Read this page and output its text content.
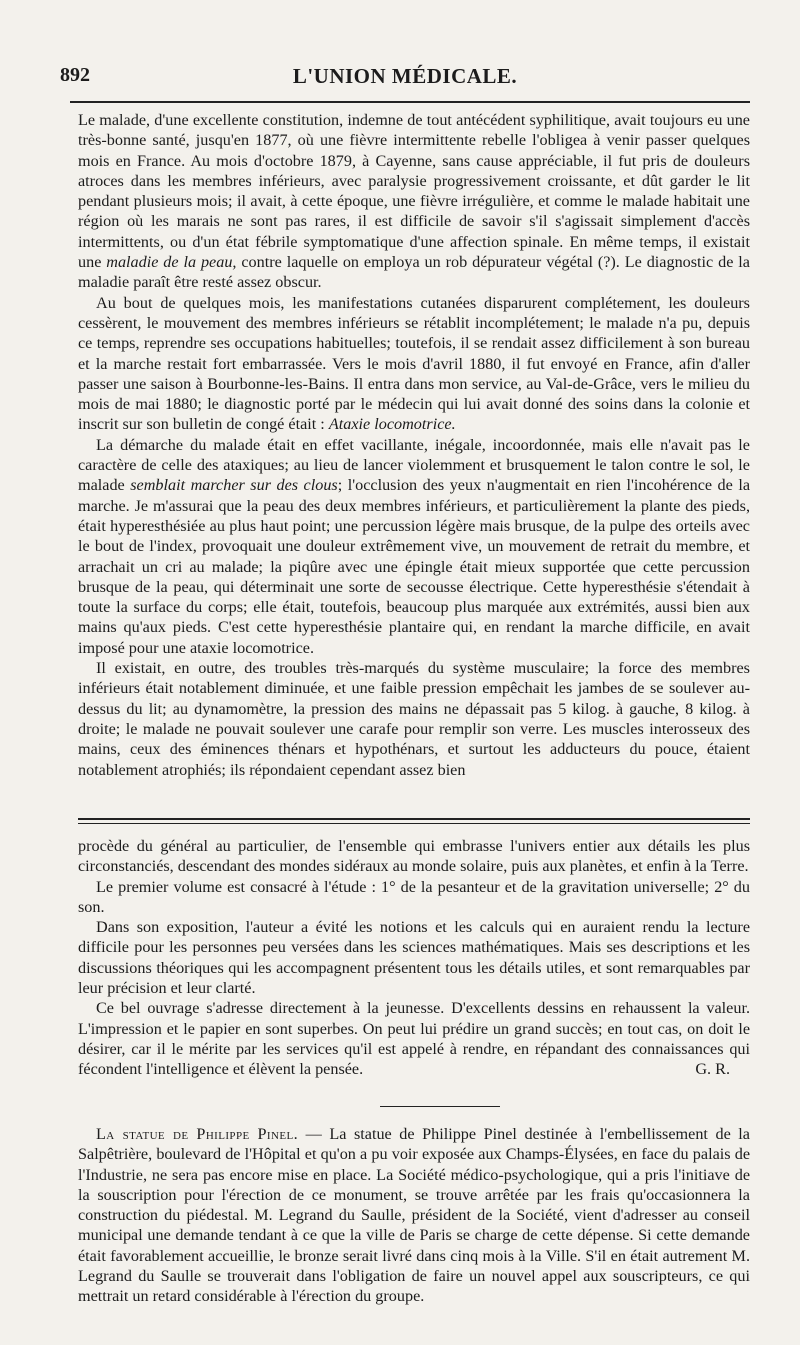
892	L'UNION MÉDICALE.

Le malade, d'une excellente constitution, indemne de tout antécédent syphilitique, avait toujours eu une très-bonne santé, jusqu'en 1877, où une fièvre intermittente rebelle l'obligea à venir passer quelques mois en France. Au mois d'octobre 1879, à Cayenne, sans cause appréciable, il fut pris de douleurs atroces dans les membres inférieurs, avec paralysie progressivement croissante, et dût garder le lit pendant plusieurs mois; il avait, à cette époque, une fièvre irrégulière, et comme le malade habitait une région où les marais ne sont pas rares, il est difficile de savoir s'il s'agissait simplement d'accès intermittents, ou d'un état fébrile symptomatique d'une affection spinale. En même temps, il existait une maladie de la peau, contre laquelle on employa un rob dépurateur végétal (?). Le diagnostic de la maladie paraît être resté assez obscur.

Au bout de quelques mois, les manifestations cutanées disparurent complétement, les douleurs cessèrent, le mouvement des membres inférieurs se rétablit incomplétement; le malade n'a pu, depuis ce temps, reprendre ses occupations habituelles; toutefois, il se rendait assez difficilement à son bureau et la marche restait fort embarrassée. Vers le mois d'avril 1880, il fut envoyé en France, afin d'aller passer une saison à Bourbonne-les-Bains. Il entra dans mon service, au Val-de-Grâce, vers le milieu du mois de mai 1880; le diagnostic porté par le médecin qui lui avait donné des soins dans la colonie et inscrit sur son bulletin de congé était : Ataxie locomotrice.

La démarche du malade était en effet vacillante, inégale, incoordonnée, mais elle n'avait pas le caractère de celle des ataxiques; au lieu de lancer violemment et brusquement le talon contre le sol, le malade semblait marcher sur des clous; l'occlusion des yeux n'augmentait en rien l'incohérence de la marche. Je m'assurai que la peau des deux membres inférieurs, et particulièrement la plante des pieds, était hyperesthésiée au plus haut point; une percussion légère mais brusque, de la pulpe des orteils avec le bout de l'index, provoquait une douleur extrêmement vive, un mouvement de retrait du membre, et arrachait un cri au malade; la piqûre avec une épingle était mieux supportée que cette percussion brusque de la peau, qui déterminait une sorte de secousse électrique. Cette hyperesthésie s'étendait à toute la surface du corps; elle était, toutefois, beaucoup plus marquée aux extrémités, aussi bien aux mains qu'aux pieds. C'est cette hyperesthésie plantaire qui, en rendant la marche difficile, en avait imposé pour une ataxie locomotrice.

Il existait, en outre, des troubles très-marqués du système musculaire; la force des membres inférieurs était notablement diminuée, et une faible pression empêchait les jambes de se soulever au-dessus du lit; au dynamomètre, la pression des mains ne dépassait pas 5 kilog. à gauche, 8 kilog. à droite; le malade ne pouvait soulever une carafe pour remplir son verre. Les muscles interosseux des mains, ceux des éminences thénars et hypothénars, et surtout les adducteurs du pouce, étaient notablement atrophiés; ils répondaient cependant assez bien

procède du général au particulier, de l'ensemble qui embrasse l'univers entier aux détails les plus circonstanciés, descendant des mondes sidéraux au monde solaire, puis aux planètes, et enfin à la Terre.

Le premier volume est consacré à l'étude : 1° de la pesanteur et de la gravitation universelle; 2° du son.

Dans son exposition, l'auteur a évité les notions et les calculs qui en auraient rendu la lecture difficile pour les personnes peu versées dans les sciences mathématiques. Mais ses descriptions et les discussions théoriques qui les accompagnent présentent tous les détails utiles, et sont remarquables par leur précision et leur clarté.

Ce bel ouvrage s'adresse directement à la jeunesse. D'excellents dessins en rehaussent la valeur. L'impression et le papier en sont superbes. On peut lui prédire un grand succès; en tout cas, on doit le désirer, car il le mérite par les services qu'il est appelé à rendre, en répandant des connaissances qui fécondent l'intelligence et élèvent la pensée.	G. R.

La statue de Philippe Pinel. — La statue de Philippe Pinel destinée à l'embellissement de la Salpêtrière, boulevard de l'Hôpital et qu'on a pu voir exposée aux Champs-Élysées, en face du palais de l'Industrie, ne sera pas encore mise en place. La Société médico-psychologique, qui a pris l'initiave de la souscription pour l'érection de ce monument, se trouve arrêtée par les frais qu'occasionnera la construction du piédestal. M. Legrand du Saulle, président de la Société, vient d'adresser au conseil municipal une demande tendant à ce que la ville de Paris se charge de cette dépense. Si cette demande était favorablement accueillie, le bronze serait livré dans cinq mois à la Ville. S'il en était autrement M. Legrand du Saulle se trouverait dans l'obligation de faire un nouvel appel aux souscripteurs, ce qui mettrait un retard considérable à l'érection du groupe.
